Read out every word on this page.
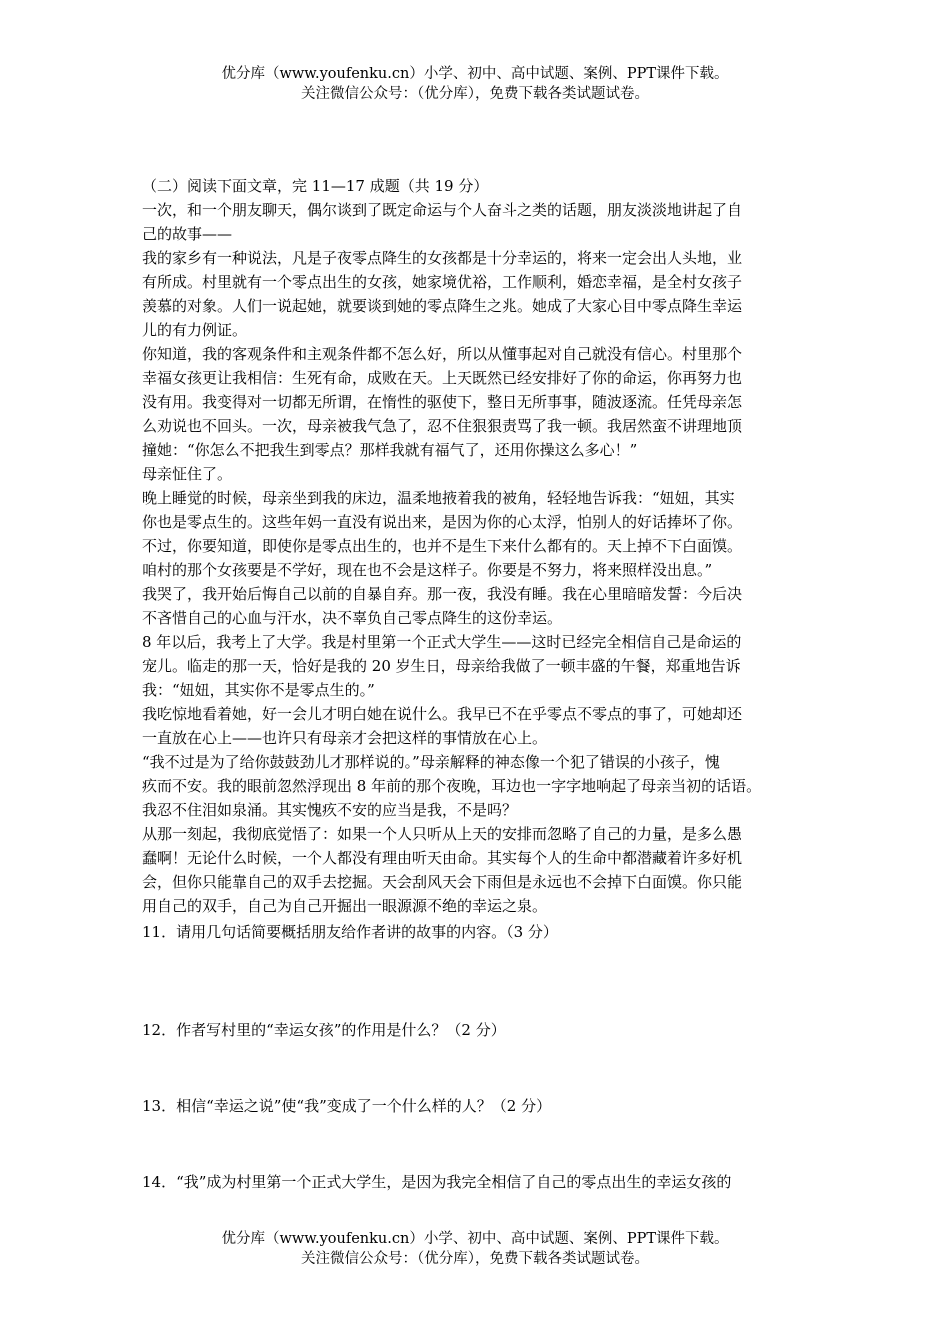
优分库（www.youfenku.cn）小学、初中、高中试题、案例、PPT课件下载。
关注微信公众号：（优分库），免费下载各类试题试卷。
（二）阅读下面文章，完 11—17 成题（共 19 分）
一次，和一个朋友聊天，偶尔谈到了既定命运与个人奋斗之类的话题，朋友淡淡地讲起了自
己的故事——
我的家乡有一种说法，凡是子夜零点降生的女孩都是十分幸运的，将来一定会出人头地，业
有所成。村里就有一个零点出生的女孩，她家境优裕，工作顺利，婚恋幸福，是全村女孩子
羡慕的对象。人们一说起她，就要谈到她的零点降生之兆。她成了大家心目中零点降生幸运
儿的有力例证。
你知道，我的客观条件和主观条件都不怎么好，所以从懂事起对自己就没有信心。村里那个
幸福女孩更让我相信：生死有命，成败在天。上天既然已经安排好了你的命运，你再努力也
没有用。我变得对一切都无所谓，在惰性的驱使下，整日无所事事，随波逐流。任凭母亲怎
么劝说也不回头。一次，母亲被我气急了，忍不住狠狠责骂了我一顿。我居然蛮不讲理地顶
撞她：“你怎么不把我生到零点？那样我就有福气了，还用你操这么多心！”
母亲怔住了。
晚上睡觉的时候，母亲坐到我的床边，温柔地掖着我的被角，轻轻地告诉我：“妞妞，其实
你也是零点生的。这些年妈一直没有说出来，是因为你的心太浮，怕别人的好话捧坏了你。
不过，你要知道，即使你是零点出生的，也并不是生下来什么都有的。天上掉不下白面馍。
咱村的那个女孩要是不学好，现在也不会是这样子。你要是不努力，将来照样没出息。”
我哭了，我开始后悔自己以前的自暴自弃。那一夜，我没有睡。我在心里暗暗发誓：今后决
不吝惜自己的心血与汗水，决不辜负自己零点降生的这份幸运。
8 年以后，我考上了大学。我是村里第一个正式大学生——这时已经完全相信自己是命运的
宠儿。临走的那一天，恰好是我的 20 岁生日，母亲给我做了一顿丰盛的午餐，郑重地告诉
我：“妞妞，其实你不是零点生的。”
我吃惊地看着她，好一会儿才明白她在说什么。我早已不在乎零点不零点的事了，可她却还
一直放在心上——也许只有母亲才会把这样的事情放在心上。
“我不过是为了给你鼓鼓劲儿才那样说的。”母亲解释的神态像一个犯了错误的小孩子，愧
疚而不安。我的眼前忽然浮现出 8 年前的那个夜晚，耳边也一字字地响起了母亲当初的话语。
我忍不住泪如泉涌。其实愧疚不安的应当是我，不是吗？
从那一刻起，我彻底觉悟了：如果一个人只听从上天的安排而忽略了自己的力量，是多么愚
蠢啊！无论什么时候，一个人都没有理由听天由命。其实每个人的生命中都潜藏着许多好机
会，但你只能靠自己的双手去挖掘。天会刮风天会下雨但是永远也不会掉下白面馍。你只能
用自己的双手，自己为自己开掘出一眼源源不绝的幸运之泉。
11．请用几句话简要概括朋友给作者讲的故事的内容。（3 分）
12．作者写村里的“幸运女孩”的作用是什么？（2 分）
13．相信“幸运之说”使“我”变成了一个什么样的人？（2 分）
14．“我”成为村里第一个正式大学生，是因为我完全相信了自己的零点出生的幸运女孩的
优分库（www.youfenku.cn）小学、初中、高中试题、案例、PPT课件下载。
关注微信公众号：（优分库），免费下载各类试题试卷。
